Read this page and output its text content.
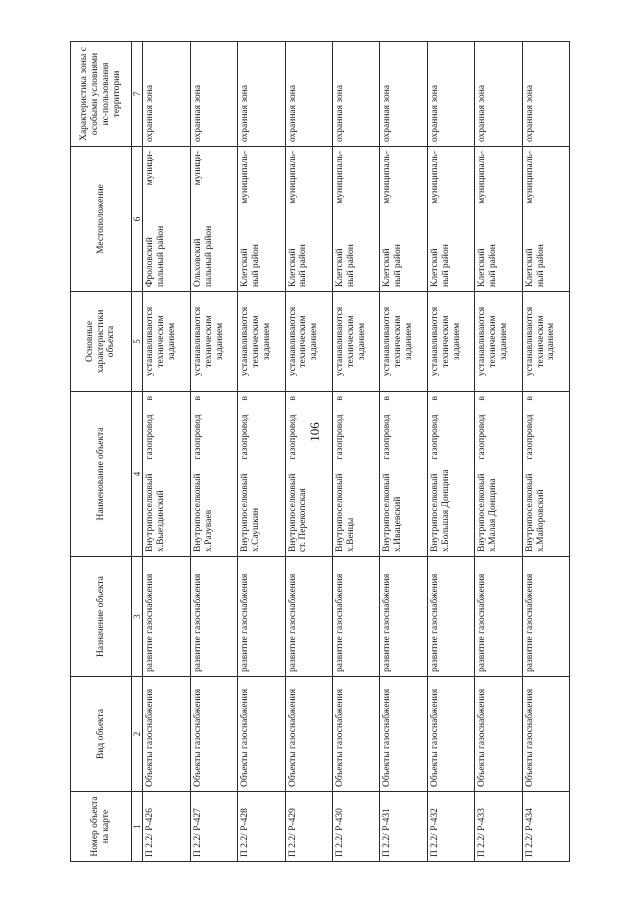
106
Номер объекта на карте	Вид объекта	Назначение объекта	Наименование объекта	Основные характеристики объекта	Местоположение	Характеристика зоны с особыми условиями ис-пользования территории
1	2	3	4	5	6	7
П 2.2/ Р-426	Объекты газоснабжения	развитие газоснабжения	Внутрипоселковый газопровод в х.Выездинский	устанавливаются техническим заданием	Фроловский муници- пальный район	охранная зона
П 2.2/ Р-427	Объекты газоснабжения	развитие газоснабжения	Внутрипоселковый газопровод в х.Разуваев	устанавливаются техническим заданием	Ольховский муници- пальный район	охранная зона
П 2.2/ Р-428	Объекты газоснабжения	развитие газоснабжения	Внутрипоселковый газопровод в х.Саушкин	устанавливаются техническим заданием	Клетский муниципаль- ный район	охранная зона
П 2.2/ Р-429	Объекты газоснабжения	развитие газоснабжения	Внутрипоселковый газопровод в ст. Перекопская	устанавливаются техническим заданием	Клетский муниципаль- ный район	охранная зона
П 2.2/ Р-430	Объекты газоснабжения	развитие газоснабжения	Внутрипоселковый газопровод в х.Венцы	устанавливаются техническим заданием	Клетский муниципаль- ный район	охранная зона
П 2.2/ Р-431	Объекты газоснабжения	развитие газоснабжения	Внутрипоселковый газопровод в х.Ивацевский	устанавливаются техническим заданием	Клетский муниципаль- ный район	охранная зона
П 2.2/ Р-432	Объекты газоснабжения	развитие газоснабжения	Внутрипоселковый газопровод в х.Большая Донщина	устанавливаются техническим заданием	Клетский муниципаль- ный район	охранная зона
П 2.2/ Р-433	Объекты газоснабжения	развитие газоснабжения	Внутрипоселковый газопровод в х.Малая Донщина	устанавливаются техническим заданием	Клетский муниципаль- ный район	охранная зона
П 2.2/ Р-434	Объекты газоснабжения	развитие газоснабжения	Внутрипоселковый газопровод в х.Майоровский	устанавливаются техническим заданием	Клетский муниципаль- ный район	охранная зона
